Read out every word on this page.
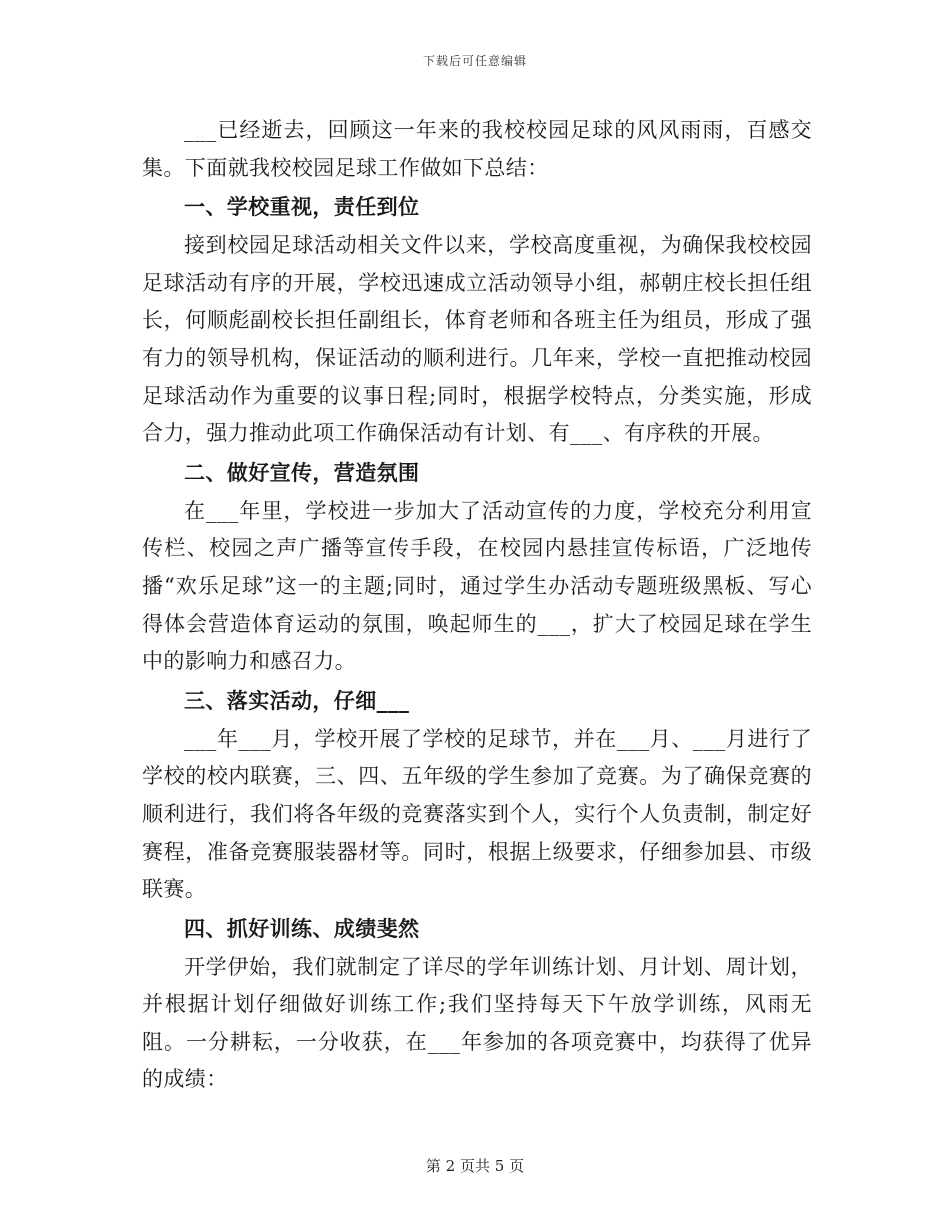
下载后可任意编辑

___已经逝去，回顾这一年来的我校校园足球的风风雨雨，百感交集。下面就我校校园足球工作做如下总结：

一、学校重视，责任到位

接到校园足球活动相关文件以来，学校高度重视，为确保我校校园足球活动有序的开展，学校迅速成立活动领导小组，郝朝庄校长担任组长，何顺彪副校长担任副组长，体育老师和各班主任为组员，形成了强有力的领导机构，保证活动的顺利进行。几年来，学校一直把推动校园足球活动作为重要的议事日程;同时，根据学校特点，分类实施，形成合力，强力推动此项工作确保活动有计划、有___、有序秩的开展。

二、做好宣传，营造氛围

在___年里，学校进一步加大了活动宣传的力度，学校充分利用宣传栏、校园之声广播等宣传手段，在校园内悬挂宣传标语，广泛地传播“欢乐足球”这一的主题;同时，通过学生办活动专题班级黑板、写心得体会营造体育运动的氛围，唤起师生的___，扩大了校园足球在学生中的影响力和感召力。

三、落实活动，仔细___

___年___月，学校开展了学校的足球节，并在___月、___月进行了学校的校内联赛，三、四、五年级的学生参加了竞赛。为了确保竞赛的顺利进行，我们将各年级的竞赛落实到个人，实行个人负责制，制定好赛程，准备竞赛服装器材等。同时，根据上级要求，仔细参加县、市级联赛。

四、抓好训练、成绩斐然

开学伊始，我们就制定了详尽的学年训练计划、月计划、周计划，并根据计划仔细做好训练工作;我们坚持每天下午放学训练，风雨无阻。一分耕耘，一分收获，在___年参加的各项竞赛中，均获得了优异的成绩：

第 2 页共 5 页
